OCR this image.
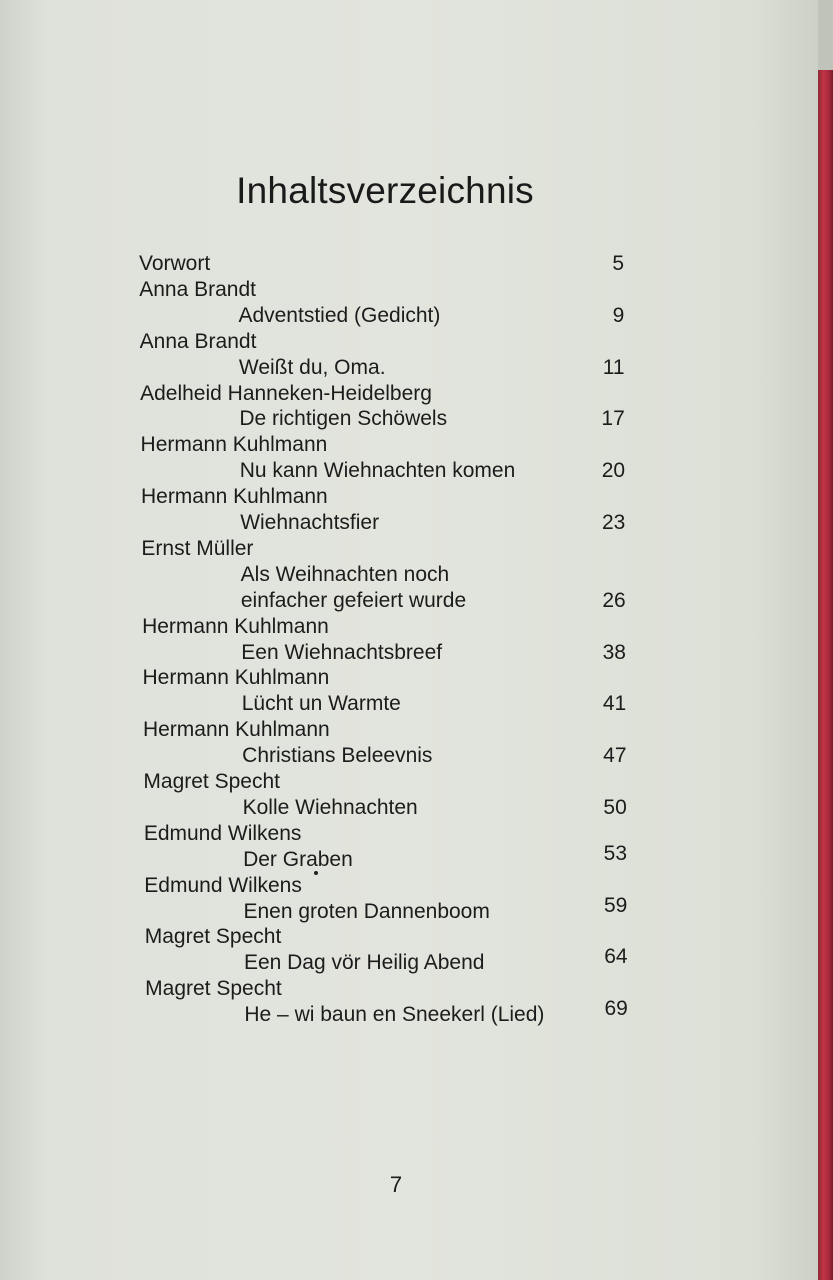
Inhaltsverzeichnis
Vorwort	5
Anna Brandt
Adventstied (Gedicht)	9
Anna Brandt
Weißt du, Oma.	11
Adelheid Hanneken-Heidelberg
De richtigen Schöwels	17
Hermann Kuhlmann
Nu kann Wiehnachten komen	20
Hermann Kuhlmann
Wiehnachtsfier	23
Ernst Müller
Als Weihnachten noch
einfacher gefeiert wurde	26
Hermann Kuhlmann
Een Wiehnachtsbreef	38
Hermann Kuhlmann
Lücht un Warmte	41
Hermann Kuhlmann
Christians Beleevnis	47
Magret Specht
Kolle Wiehnachten	50
Edmund Wilkens
Der Graben	53
Edmund Wilkens
Enen groten Dannenboom	59
Magret Specht
Een Dag vör Heilig Abend	64
Magret Specht
He – wi baun en Sneekerl (Lied)	69
7
